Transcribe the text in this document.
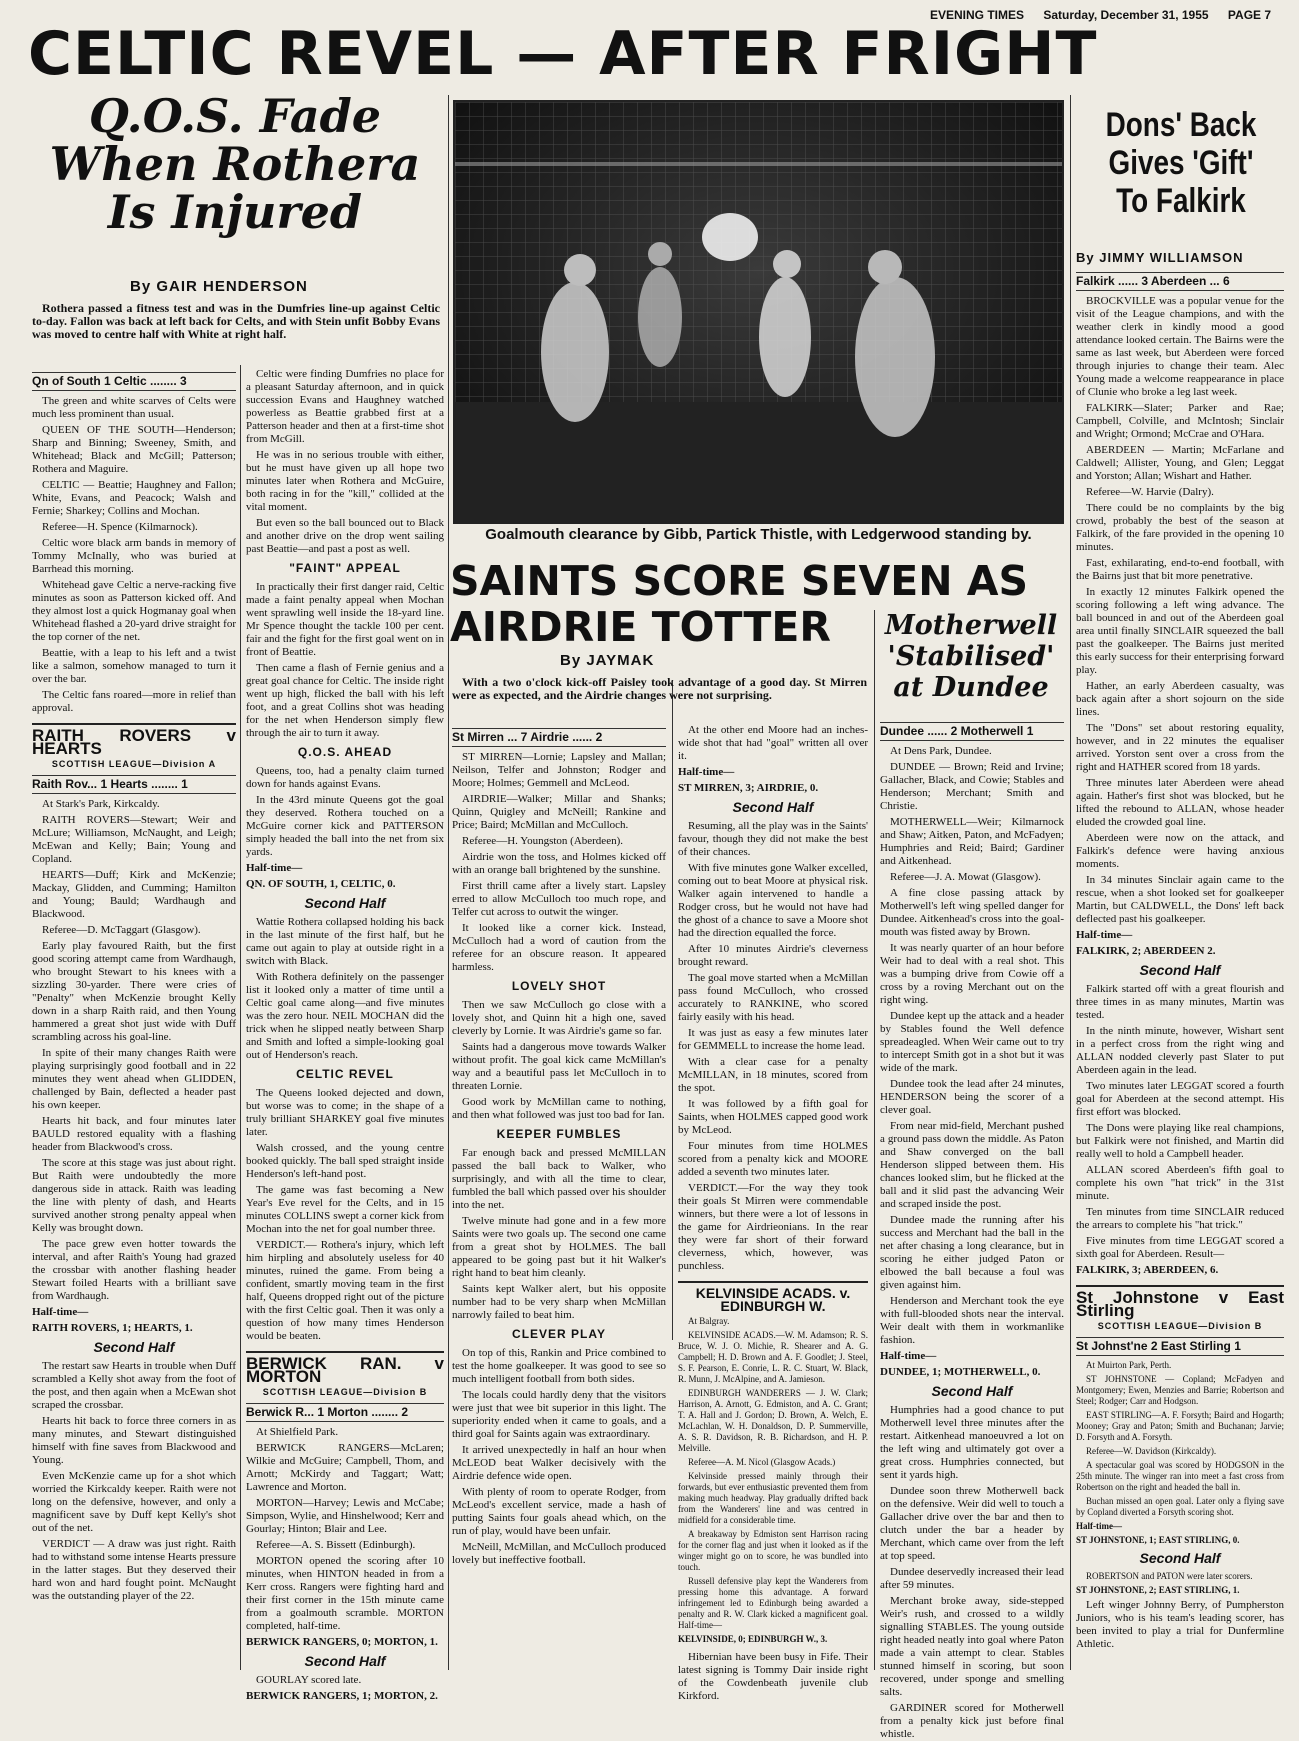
EVENING TIMES Saturday, December 31, 1955 PAGE 7
CELTIC REVEL — AFTER FRIGHT
Q.O.S. Fade When Rothera Is Injured
By GAIR HENDERSON

Rothera passed a fitness test and was in the Dumfries line-up against Celtic to-day. Fallon was back at left back for Celts, and with Stein unfit Bobby Evans was moved to centre half with White at right half.

Qn of South 1 Celtic ........ 3

The green and white scarves of Celts were much less prominent than usual.

QUEEN OF THE SOUTH—Henderson; Sharp and Binning; Sweeney, Smith, and Whitehead; Black and McGill; Patterson; Rothera and Maguire.

CELTIC — Beattie; Haughney and Fallon; White, Evans, and Peacock; Walsh and Fernie; Sharkey; Collins and Mochan.

Referee—H. Spence (Kilmarnock).

Celtic wore black arm bands in memory of Tommy McInally, who was buried at Barrhead this morning.

Whitehead gave Celtic a nerve-racking five minutes as soon as Patterson kicked off. And they almost lost a quick Hogmanay goal when Whitehead flashed a 20-yard drive straight for the top corner of the net.

Beattie, with a leap to his left and a twist like a salmon, somehow managed to turn it over the bar.

The Celtic fans roared—more in relief than approval.

RAITH ROVERS v HEARTS

SCOTTISH LEAGUE—Division A

Raith Rov... 1 Hearts ........ 1

At Stark's Park, Kirkcaldy.

RAITH ROVERS—Stewart; Weir and McLure; Williamson, McNaught, and Leigh; McEwan and Kelly; Bain; Young and Copland.

HEARTS—Duff; Kirk and McKenzie; Mackay, Glidden, and Cumming; Hamilton and Young; Bauld; Wardhaugh and Blackwood.

Referee—D. McTaggart (Glasgow).

Early play favoured Raith, but the first good scoring attempt came from Wardhaugh, who brought Stewart to his knees with a sizzling 30-yarder. There were cries of "Penalty" when McKenzie brought Kelly down in a sharp Raith raid, and then Young hammered a great shot just wide with Duff scrambling across his goal-line.

In spite of their many changes Raith were playing surprisingly good football and in 22 minutes they went ahead when GLIDDEN, challenged by Bain, deflected a header past his own keeper.

Hearts hit back, and four minutes later BAULD restored equality with a flashing header from Blackwood's cross.

The score at this stage was just about right. But Raith were undoubtedly the more dangerous side in attack. Raith was leading the line with plenty of dash, and Hearts survived another strong penalty appeal when Kelly was brought down.

The pace grew even hotter towards the interval, and after Raith's Young had grazed the crossbar with another flashing header Stewart foiled Hearts with a brilliant save from Wardhaugh.

Half-time—

RAITH ROVERS, 1; HEARTS, 1.

Second Half

The restart saw Hearts in trouble when Duff scrambled a Kelly shot away from the foot of the post, and then again when a McEwan shot scraped the crossbar.

Hearts hit back to force three corners in as many minutes, and Stewart distinguished himself with fine saves from Blackwood and Young.

Even McKenzie came up for a shot which worried the Kirkcaldy keeper. Raith were not long on the defensive, however, and only a magnificent save by Duff kept Kelly's shot out of the net.

VERDICT — A draw was just right. Raith had to withstand some intense Hearts pressure in the latter stages. But they deserved their hard won and hard fought point. McNaught was the outstanding player of the 22.

Celtic were finding Dumfries no place for a pleasant Saturday afternoon, and in quick succession Evans and Haughney watched powerless as Beattie grabbed first at a Patterson header and then at a first-time shot from McGill.

He was in no serious trouble with either, but he must have given up all hope two minutes later when Rothera and McGuire, both racing in for the "kill," collided at the vital moment.

But even so the ball bounced out to Black and another drive on the drop went sailing past Beattie—and past a post as well.

"FAINT" APPEAL

In practically their first danger raid, Celtic made a faint penalty appeal when Mochan went sprawling well inside the 18-yard line. Mr Spence thought the tackle 100 per cent. fair and the fight for the first goal went on in front of Beattie.

Then came a flash of Fernie genius and a great goal chance for Celtic. The inside right went up high, flicked the ball with his left foot, and a great Collins shot was heading for the net when Henderson simply flew through the air to turn it away.

Q.O.S. AHEAD

Queens, too, had a penalty claim turned down for hands against Evans.

In the 43rd minute Queens got the goal they deserved. Rothera touched on a McGuire corner kick and PATTERSON simply headed the ball into the net from six yards.

Half-time—

QN. OF SOUTH, 1, CELTIC, 0.

Second Half

Wattie Rothera collapsed holding his back in the last minute of the first half, but he came out again to play at outside right in a switch with Black.

With Rothera definitely on the passenger list it looked only a matter of time until a Celtic goal came along—and five minutes was the zero hour. NEIL MOCHAN did the trick when he slipped neatly between Sharp and Smith and lofted a simple-looking goal out of Henderson's reach.

CELTIC REVEL

The Queens looked dejected and down, but worse was to come; in the shape of a truly brilliant SHARKEY goal five minutes later.

Walsh crossed, and the young centre booked quickly. The ball sped straight inside Henderson's left-hand post.

The game was fast becoming a New Year's Eve revel for the Celts, and in 15 minutes COLLINS swept a corner kick from Mochan into the net for goal number three.

VERDICT.— Rothera's injury, which left him hirpling and absolutely useless for 40 minutes, ruined the game. From being a confident, smartly moving team in the first half, Queens dropped right out of the picture with the first Celtic goal. Then it was only a question of how many times Henderson would be beaten.

BERWICK RAN. v MORTON

SCOTTISH LEAGUE—Division B

Berwick R... 1 Morton ........ 2

At Shielfield Park.

BERWICK RANGERS—McLaren; Wilkie and McGuire; Campbell, Thom, and Arnott; McKirdy and Taggart; Watt; Lawrence and Morton.

MORTON—Harvey; Lewis and McCabe; Simpson, Wylie, and Hinshelwood; Kerr and Gourlay; Hinton; Blair and Lee.

Referee—A. S. Bissett (Edinburgh).

MORTON opened the scoring after 10 minutes, when HINTON headed in from a Kerr cross. Rangers were fighting hard and their first corner in the 15th minute came from a goalmouth scramble. MORTON completed, half-time.

BERWICK RANGERS, 0; MORTON, 1.

Second Half

GOURLAY scored late.

BERWICK RANGERS, 1; MORTON, 2.

Goalmouth clearance by Gibb, Partick Thistle, with Ledgerwood standing by.
SAINTS SCORE SEVEN AS AIRDRIE TOTTER
By JAYMAK

With a two o'clock kick-off Paisley took advantage of a good day. St Mirren were as expected, and the Airdrie changes were not surprising.

St Mirren ... 7 Airdrie ...... 2

ST MIRREN—Lornie; Lapsley and Mallan; Neilson, Telfer and Johnston; Rodger and Moore; Holmes; Gemmell and McLeod.

AIRDRIE—Walker; Millar and Shanks; Quinn, Quigley and McNeill; Rankine and Price; Baird; McMillan and McCulloch.

Referee—H. Youngston (Aberdeen).

Airdrie won the toss, and Holmes kicked off with an orange ball brightened by the sunshine.

First thrill came after a lively start. Lapsley erred to allow McCulloch too much rope, and Telfer cut across to outwit the winger.

It looked like a corner kick. Instead, McCulloch had a word of caution from the referee for an obscure reason. It appeared harmless.

LOVELY SHOT

Then we saw McCulloch go close with a lovely shot, and Quinn hit a high one, saved cleverly by Lornie. It was Airdrie's game so far.

Saints had a dangerous move towards Walker without profit. The goal kick came McMillan's way and a beautiful pass let McCulloch in to threaten Lornie.

Good work by McMillan came to nothing, and then what followed was just too bad for Ian.

KEEPER FUMBLES

Far enough back and pressed McMILLAN passed the ball back to Walker, who surprisingly, and with all the time to clear, fumbled the ball which passed over his shoulder into the net.

Twelve minute had gone and in a few more Saints were two goals up. The second one came from a great shot by HOLMES. The ball appeared to be going past but it hit Walker's right hand to beat him cleanly.

Saints kept Walker alert, but his opposite number had to be very sharp when McMillan narrowly failed to beat him.

CLEVER PLAY

On top of this, Rankin and Price combined to test the home goalkeeper. It was good to see so much intelligent football from both sides.

The locals could hardly deny that the visitors were just that wee bit superior in this light. The superiority ended when it came to goals, and a third goal for Saints again was extraordinary.

It arrived unexpectedly in half an hour when McLEOD beat Walker decisively with the Airdrie defence wide open.

With plenty of room to operate Rodger, from McLeod's excellent service, made a hash of putting Saints four goals ahead which, on the run of play, would have been unfair.

McNeill, McMillan, and McCulloch produced lovely but ineffective football.

At the other end Moore had an inches-wide shot that had "goal" written all over it.

Half-time—

ST MIRREN, 3; AIRDRIE, 0.

Second Half

Resuming, all the play was in the Saints' favour, though they did not make the best of their chances.

With five minutes gone Walker excelled, coming out to beat Moore at physical risk. Walker again intervened to handle a Rodger cross, but he would not have had the ghost of a chance to save a Moore shot had the direction equalled the force.

After 10 minutes Airdrie's cleverness brought reward.

The goal move started when a McMillan pass found McCulloch, who crossed accurately to RANKINE, who scored fairly easily with his head.

It was just as easy a few minutes later for GEMMELL to increase the home lead.

With a clear case for a penalty McMILLAN, in 18 minutes, scored from the spot.

It was followed by a fifth goal for Saints, when HOLMES capped good work by McLeod.

Four minutes from time HOLMES scored from a penalty kick and MOORE added a seventh two minutes later.

VERDICT.—For the way they took their goals St Mirren were commendable winners, but there were a lot of lessons in the game for Airdrieonians. In the rear they were far short of their forward cleverness, which, however, was punchless.

KELVINSIDE ACADS. v. EDINBURGH W.

At Balgray.

KELVINSIDE ACADS.—W. M. Adamson; R. S. Bruce, W. J. O. Michie, R. Shearer and A. G. Campbell; H. D. Brown and A. F. Goodlet; J. Steel, S. F. Pearson, E. Conrie, L. R. C. Stuart, W. Black, R. Munn, J. McAlpine, and A. Jamieson.

EDINBURGH WANDERERS — J. W. Clark; Harrison, A. Arnott, G. Edmiston, and A. C. Grant; T. A. Hall and J. Gordon; D. Brown, A. Welch, E. McLachlan, W. H. Donaldson, D. P. Summerville, A. S. R. Davidson, R. B. Richardson, and H. P. Melville.

Referee—A. M. Nicol (Glasgow Acads.)

Kelvinside pressed mainly through their forwards, but ever enthusiastic prevented them from making much headway. Play gradually drifted back from the Wanderers' line and was centred in midfield for a considerable time.

A breakaway by Edmiston sent Harrison racing for the corner flag and just when it looked as if the winger might go on to score, he was bundled into touch.

Russell defensive play kept the Wanderers from pressing home this advantage. A forward infringement led to Edinburgh being awarded a penalty and R. W. Clark kicked a magnificent goal. Half-time—

KELVINSIDE, 0; EDINBURGH W., 3.

Hibernian have been busy in Fife. Their latest signing is Tommy Dair inside right of the Cowdenbeath juvenile club Kirkford.

Motherwell 'Stabilised' at Dundee

Dundee ...... 2 Motherwell 1

At Dens Park, Dundee.

DUNDEE — Brown; Reid and Irvine; Gallacher, Black, and Cowie; Stables and Henderson; Merchant; Smith and Christie.

MOTHERWELL—Weir; Kilmarnock and Shaw; Aitken, Paton, and McFadyen; Humphries and Reid; Baird; Gardiner and Aitkenhead.

Referee—J. A. Mowat (Glasgow).

A fine close passing attack by Motherwell's left wing spelled danger for Dundee. Aitkenhead's cross into the goal-mouth was fisted away by Brown.

It was nearly quarter of an hour before Weir had to deal with a real shot. This was a bumping drive from Cowie off a cross by a roving Merchant out on the right wing.

Dundee kept up the attack and a header by Stables found the Well defence spreadeagled. When Weir came out to try to intercept Smith got in a shot but it was wide of the mark.

Dundee took the lead after 24 minutes, HENDERSON being the scorer of a clever goal.

From near mid-field, Merchant pushed a ground pass down the middle. As Paton and Shaw converged on the ball Henderson slipped between them. His chances looked slim, but he flicked at the ball and it slid past the advancing Weir and scraped inside the post.

Dundee made the running after his success and Merchant had the ball in the net after chasing a long clearance, but in scoring he either judged Paton or elbowed the ball because a foul was given against him.

Henderson and Merchant took the eye with full-blooded shots near the interval. Weir dealt with them in workmanlike fashion.

Half-time—

DUNDEE, 1; MOTHERWELL, 0.

Second Half

Humphries had a good chance to put Motherwell level three minutes after the restart. Aitkenhead manoeuvred a lot on the left wing and ultimately got over a great cross. Humphries connected, but sent it yards high.

Dundee soon threw Motherwell back on the defensive. Weir did well to touch a Gallacher drive over the bar and then to clutch under the bar a header by Merchant, which came over from the left at top speed.

Dundee deservedly increased their lead after 59 minutes.

Merchant broke away, side-stepped Weir's rush, and crossed to a wildly signalling STABLES. The young outside right headed neatly into goal where Paton made a vain attempt to clear. Stables stunned himself in scoring, but soon recovered, under sponge and smelling salts.

GARDINER scored for Motherwell from a penalty kick just before final whistle.

Dons' Back Gives 'Gift' To Falkirk
By JIMMY WILLIAMSON

Falkirk ...... 3 Aberdeen ... 6

BROCKVILLE was a popular venue for the visit of the League champions, and with the weather clerk in kindly mood a good attendance looked certain. The Bairns were the same as last week, but Aberdeen were forced through injuries to change their team. Alec Young made a welcome reappearance in place of Clunie who broke a leg last week.

FALKIRK—Slater; Parker and Rae; Campbell, Colville, and McIntosh; Sinclair and Wright; Ormond; McCrae and O'Hara.

ABERDEEN — Martin; McFarlane and Caldwell; Allister, Young, and Glen; Leggat and Yorston; Allan; Wishart and Hather.

Referee—W. Harvie (Dalry).

There could be no complaints by the big crowd, probably the best of the season at Falkirk, of the fare provided in the opening 10 minutes.

Fast, exhilarating, end-to-end football, with the Bairns just that bit more penetrative.

In exactly 12 minutes Falkirk opened the scoring following a left wing advance. The ball bounced in and out of the Aberdeen goal area until finally SINCLAIR squeezed the ball past the goalkeeper. The Bairns just merited this early success for their enterprising forward play.

Hather, an early Aberdeen casualty, was back again after a short sojourn on the side lines.

The "Dons" set about restoring equality, however, and in 22 minutes the equaliser arrived. Yorston sent over a cross from the right and HATHER scored from 18 yards.

Three minutes later Aberdeen were ahead again. Hather's first shot was blocked, but he lifted the rebound to ALLAN, whose header eluded the crowded goal line.

Aberdeen were now on the attack, and Falkirk's defence were having anxious moments.

In 34 minutes Sinclair again came to the rescue, when a shot looked set for goalkeeper Martin, but CALDWELL, the Dons' left back deflected past his goalkeeper.

Half-time—

FALKIRK, 2; ABERDEEN 2.

Second Half

Falkirk started off with a great flourish and three times in as many minutes, Martin was tested.

In the ninth minute, however, Wishart sent in a perfect cross from the right wing and ALLAN nodded cleverly past Slater to put Aberdeen again in the lead.

Two minutes later LEGGAT scored a fourth goal for Aberdeen at the second attempt. His first effort was blocked.

The Dons were playing like real champions, but Falkirk were not finished, and Martin did really well to hold a Campbell header.

ALLAN scored Aberdeen's fifth goal to complete his own "hat trick" in the 31st minute.

Ten minutes from time SINCLAIR reduced the arrears to complete his "hat trick."

Five minutes from time LEGGAT scored a sixth goal for Aberdeen. Result—

FALKIRK, 3; ABERDEEN, 6.

St Johnstone v East Stirling

SCOTTISH LEAGUE—Division B

St Johnst'ne 2 East Stirling 1

At Muirton Park, Perth.

ST JOHNSTONE — Copland; McFadyen and Montgomery; Ewen, Menzies and Barrie; Robertson and Steel; Rodger; Carr and Hodgson.

EAST STIRLING—A. F. Forsyth; Baird and Hogarth; Mooney; Gray and Paton; Smith and Buchanan; Jarvie; D. Forsyth and A. Forsyth.

Referee—W. Davidson (Kirkcaldy).

A spectacular goal was scored by HODGSON in the 25th minute. The winger ran into meet a fast cross from Robertson on the right and headed the ball in.

Buchan missed an open goal. Later only a flying save by Copland diverted a Forsyth scoring shot.

Half-time—

ST JOHNSTONE, 1; EAST STIRLING, 0.

Second Half

ROBERTSON and PATON were later scorers.

ST JOHNSTONE, 2; EAST STIRLING, 1.

Left winger Johnny Berry, of Pumpherston Juniors, who is his team's leading scorer, has been invited to play a trial for Dunfermline Athletic.
